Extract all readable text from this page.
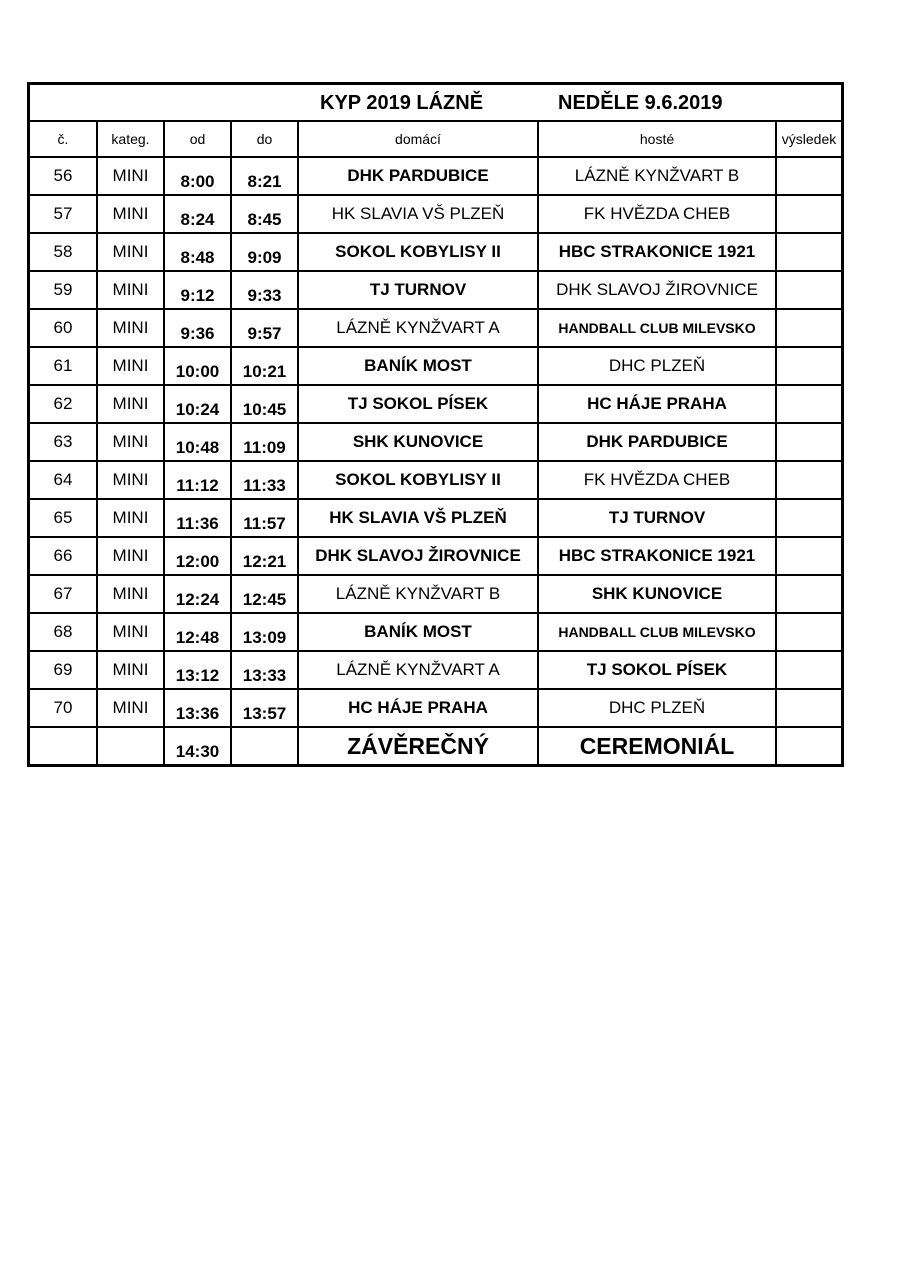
KYP 2019 LÁZNĚ	NEDĚLE 9.6.2019
č.	kateg.	od	do	domácí	hosté	výsledek
56	MINI	8:00	8:21	DHK PARDUBICE	LÁZNĚ KYNŽVART B	
57	MINI	8:24	8:45	HK SLAVIA VŠ PLZEŇ	FK HVĚZDA CHEB	
58	MINI	8:48	9:09	SOKOL KOBYLISY II	HBC STRAKONICE 1921	
59	MINI	9:12	9:33	TJ TURNOV	DHK SLAVOJ ŽIROVNICE	
60	MINI	9:36	9:57	LÁZNĚ KYNŽVART A	HANDBALL CLUB MILEVSKO	
61	MINI	10:00	10:21	BANÍK MOST	DHC PLZEŇ	
62	MINI	10:24	10:45	TJ SOKOL PÍSEK	HC HÁJE PRAHA	
63	MINI	10:48	11:09	SHK KUNOVICE	DHK PARDUBICE	
64	MINI	11:12	11:33	SOKOL KOBYLISY II	FK HVĚZDA CHEB	
65	MINI	11:36	11:57	HK SLAVIA VŠ PLZEŇ	TJ TURNOV	
66	MINI	12:00	12:21	DHK SLAVOJ ŽIROVNICE	HBC STRAKONICE 1921	
67	MINI	12:24	12:45	LÁZNĚ KYNŽVART B	SHK KUNOVICE	
68	MINI	12:48	13:09	BANÍK MOST	HANDBALL CLUB MILEVSKO	
69	MINI	13:12	13:33	LÁZNĚ KYNŽVART A	TJ SOKOL PÍSEK	
70	MINI	13:36	13:57	HC HÁJE PRAHA	DHC PLZEŇ	
		14:30		ZÁVĚREČNÝ	CEREMONIÁL	
